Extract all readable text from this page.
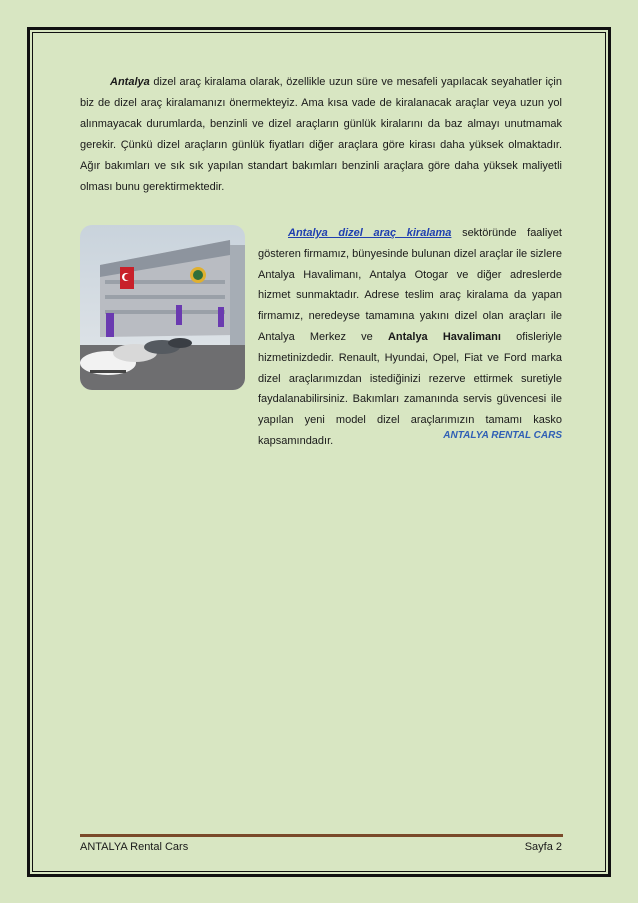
Antalya dizel araç kiralama olarak, özellikle uzun süre ve mesafeli yapılacak seyahatler için biz de dizel araç kiralamanızı önermekteyiz. Ama kısa vade de kiralanacak araçlar veya uzun yol alınmayacak durumlarda, benzinli ve dizel araçların günlük kiralarını da baz almayı unutmamak gerekir. Çünkü dizel araçların günlük fiyatları diğer araçlara göre kirası daha yüksek olmaktadır. Ağır bakımları ve sık sık yapılan standart bakımları benzinli araçlara göre daha yüksek maliyetli olması bunu gerektirmektedir.

Antalya dizel araç kiralama sektöründe faaliyet gösteren firmamız, bünyesinde bulunan dizel araçlar ile sizlere Antalya Havalimanı, Antalya Otogar ve diğer adreslerde hizmet sunmaktadır. Adrese teslim araç kiralama da yapan firmamız, neredeyse tamamına yakını dizel olan araçları ile Antalya Merkez ve Antalya Havalimanı ofisleriyle hizmetinizdedir. Renault, Hyundai, Opel, Fiat ve Ford marka dizel araçlarımızdan istediğinizi rezerve ettirmek suretiyle faydalanabilirsiniz. Bakımları zamanında servis güvencesi ile yapılan yeni model dizel araçlarımızın tamamı kasko kapsamındadır.	ANTALYA RENTAL CARS
ANTALYA Rental Cars	Sayfa 2
